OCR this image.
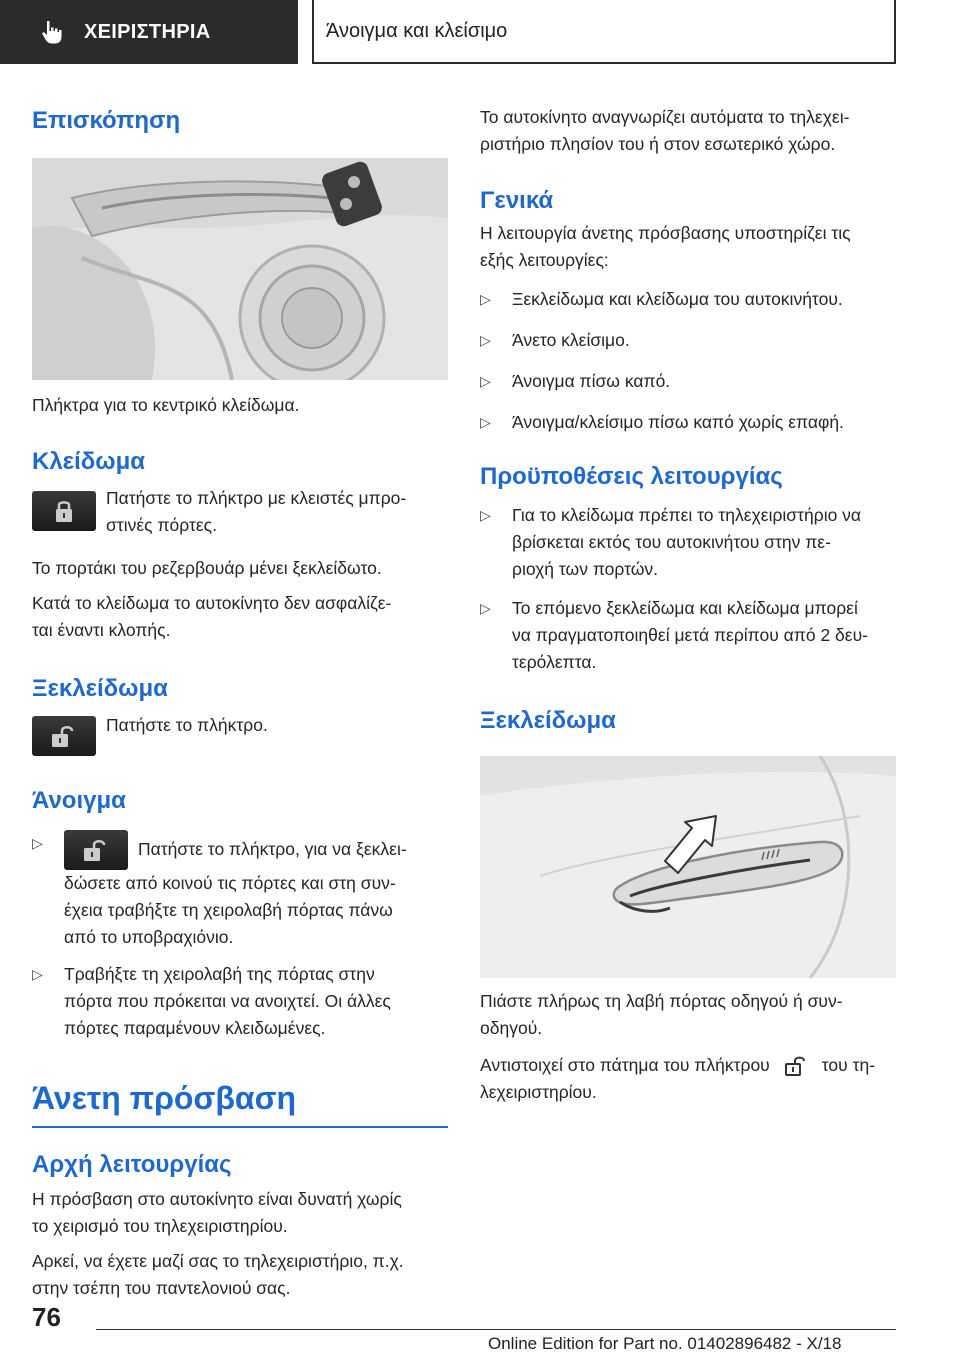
ΧΕΙΡΙΣΤΗΡΙΑ	Άνοιγμα και κλείσιμο
Επισκόπηση

Πλήκτρα για το κεντρικό κλείδωμα.

Κλείδωμα

Πατήστε το πλήκτρο με κλειστές μπρο-

στινές πόρτες.

Το πορτάκι του ρεζερβουάρ μένει ξεκλείδωτο.

Κατά το κλείδωμα το αυτοκίνητο δεν ασφαλίζε-

ται έναντι κλοπής.

Ξεκλείδωμα

Πατήστε το πλήκτρο.

Άνοιγμα
▷	Πατήστε το πλήκτρο, για να ξεκλει-

δώσετε από κοινού τις πόρτες και στη συν-

έχεια τραβήξτε τη χειρολαβή πόρτας πάνω

από το υποβραχιόνιο.

▷	Τραβήξτε τη χειρολαβή της πόρτας στην

πόρτα που πρόκειται να ανοιχτεί. Οι άλλες

πόρτες παραμένουν κλειδωμένες.

Άνετη πρόσβαση
Αρχή λειτουργίας

Η πρόσβαση στο αυτοκίνητο είναι δυνατή χωρίς

το χειρισμό του τηλεχειριστηρίου.

Αρκεί, να έχετε μαζί σας το τηλεχειριστήριο, π.χ.

στην τσέπη του παντελονιού σας.

Το αυτοκίνητο αναγνωρίζει αυτόματα το τηλεχει-

ριστήριο πλησίον του ή στον εσωτερικό χώρο.

Γενικά

Η λειτουργία άνετης πρόσβασης υποστηρίζει τις

εξής λειτουργίες:

▷	Ξεκλείδωμα και κλείδωμα του αυτοκινήτου.

▷	Άνετο κλείσιμο.

▷	Άνοιγμα πίσω καπό.

▷	Άνοιγμα/κλείσιμο πίσω καπό χωρίς επαφή.

Προϋποθέσεις λειτουργίας
▷	Για το κλείδωμα πρέπει το τηλεχειριστήριο να

βρίσκεται εκτός του αυτοκινήτου στην πε-

ριοχή των πορτών.

▷	Το επόμενο ξεκλείδωμα και κλείδωμα μπορεί

να πραγματοποιηθεί μετά περίπου από 2 δευ-

τερόλεπτα.

Ξεκλείδωμα

Πιάστε πλήρως τη λαβή πόρτας οδηγού ή συν-

οδηγού.

Αντιστοιχεί στο πάτημα του πλήκτρου	του τη-

λεχειριστηρίου.

76
Online Edition for Part no. 01402896482 - X/18
